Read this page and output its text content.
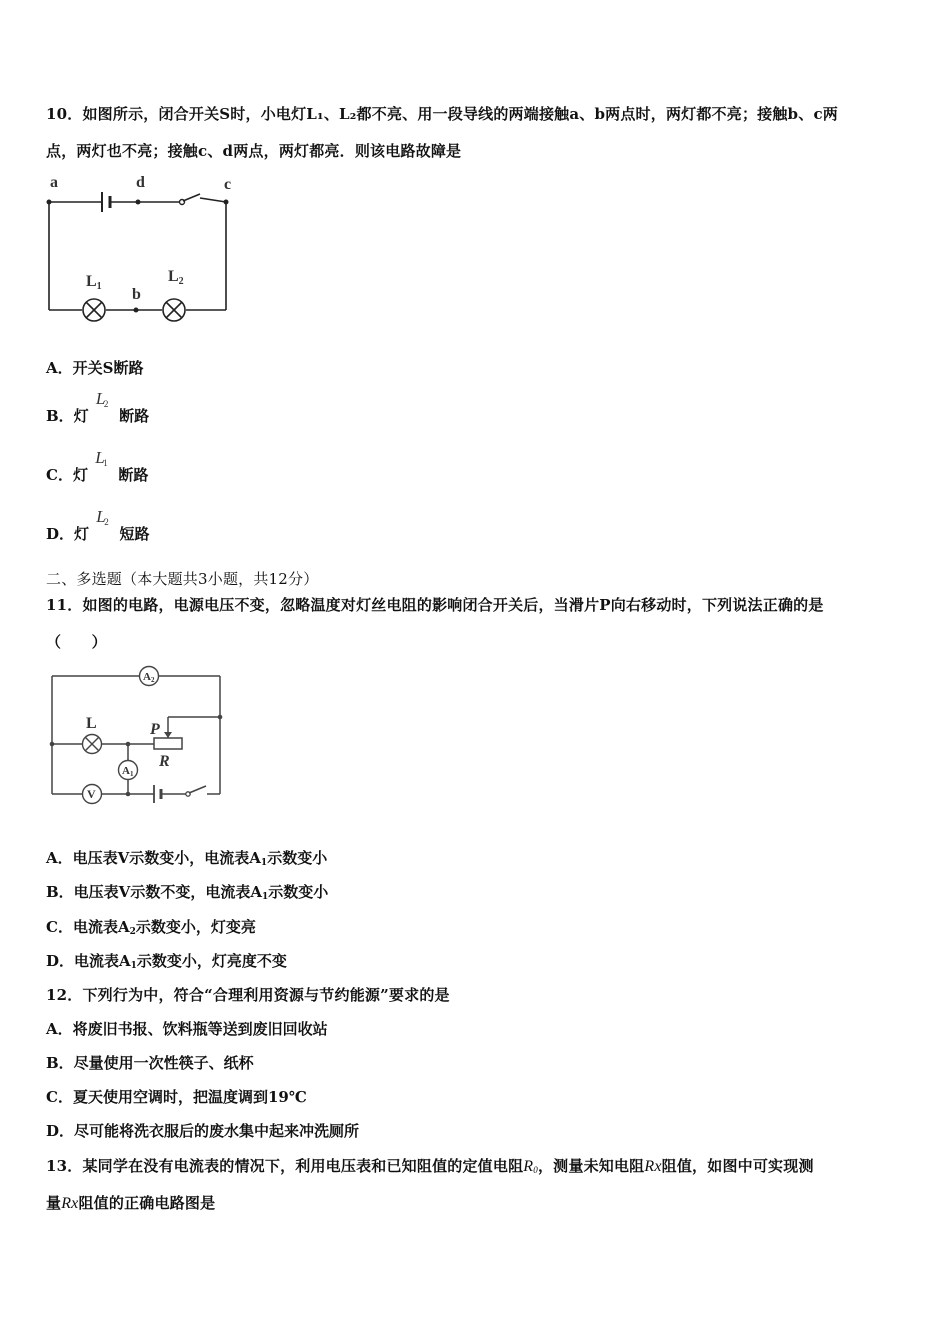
10．如图所示，闭合开关S时，小电灯L₁、L₂都不亮、用一段导线的两端接触a、b两点时，两灯都不亮；接触b、c两
点，两灯也不亮；接触c、d两点，两灯都亮．则该电路故障是
a	d	c
b
L1
L2
A．开关S断路
B．灯
L
2
断路
C．灯
L
1
断路
D．灯
L
2
短路
二、多选题（本大题共3小题，共12分）
11．如图的电路，电源电压不变，忽略温度对灯丝电阻的影响闭合开关后，当滑片P向右移动时，下列说法正确的是
（　　）
A2
A1
V
L	P
R
A．电压表V示数变小，电流表$A_1$示数变小
B．电压表V示数不变，电流表$A_1$示数变小
C．电流表$A_2$示数变小，灯变亮
D．电流表$A_1$示数变小，灯亮度不变
12．下列行为中，符合“合理利用资源与节约能源”要求的是
A．将废旧书报、饮料瓶等送到废旧回收站
B．尽量使用一次性筷子、纸杯
C．夏天使用空调时，把温度调到19℃
D．尽可能将洗衣服后的废水集中起来冲洗厕所
13．某同学在没有电流表的情况下，利用电压表和已知阻值的定值电阻$R_0$，测量未知电阻Rx阻值，如图中可实现测
量Rx阻值的正确电路图是
